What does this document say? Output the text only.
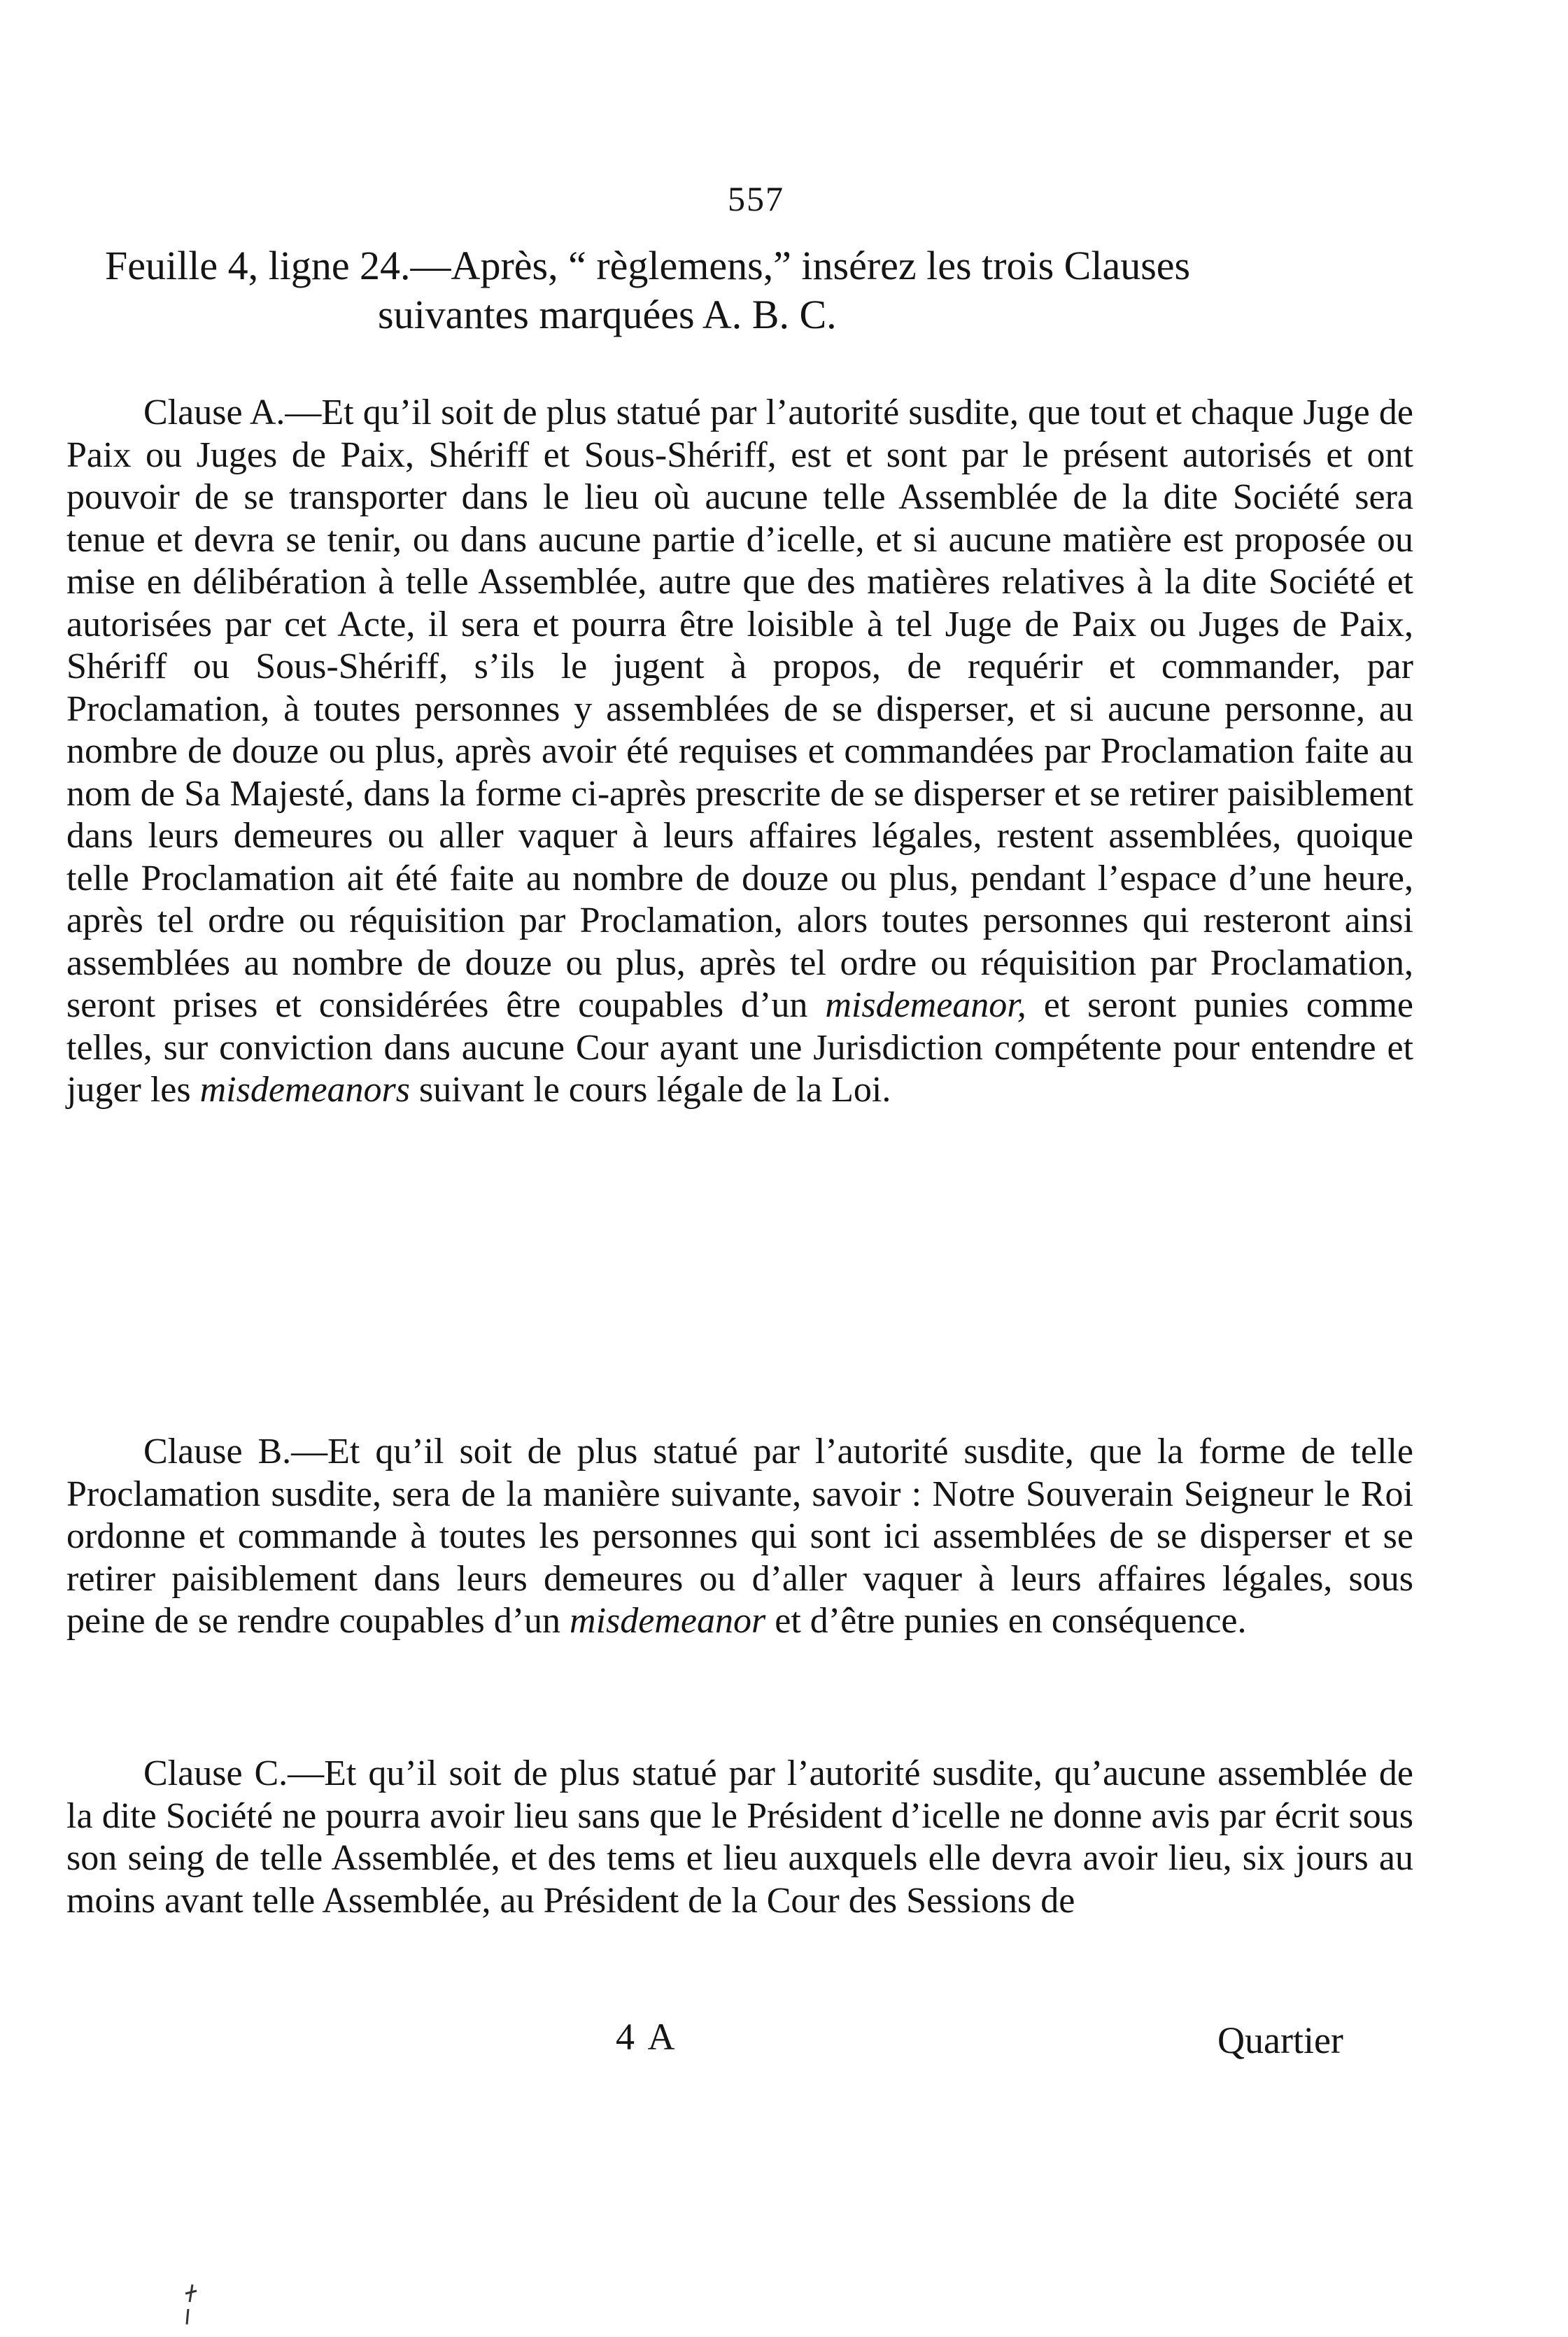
557
Feuille 4, ligne 24.—Après, “ règlemens,” insérez les trois Clauses
suivantes marquées A. B. C.
Clause A.—Et qu’il soit de plus statué par l’autorité susdite, que tout et chaque Juge de Paix ou Juges de Paix, Shériff et Sous-Shériff, est et sont par le présent autorisés et ont pouvoir de se transporter dans le lieu où aucune telle Assemblée de la dite Société sera tenue et devra se tenir, ou dans aucune partie d’icelle, et si aucune matière est proposée ou mise en délibération à telle Assemblée, autre que des matières relatives à la dite Société et autorisées par cet Acte, il sera et pourra être loisible à tel Juge de Paix ou Juges de Paix, Shériff ou Sous-Shériff, s’ils le jugent à propos, de requérir et commander, par Proclamation, à toutes personnes y assemblées de se disperser, et si aucune personne, au nombre de douze ou plus, après avoir été requises et commandées par Proclamation faite au nom de Sa Majesté, dans la forme ci-après prescrite de se disperser et se retirer paisiblement dans leurs demeures ou aller vaquer à leurs affaires légales, restent assemblées, quoique telle Proclamation ait été faite au nombre de douze ou plus, pendant l’espace d’une heure, après tel ordre ou réquisition par Proclamation, alors toutes personnes qui resteront ainsi assemblées au nombre de douze ou plus, après tel ordre ou réquisition par Proclamation, seront prises et considérées être coupables d’un misdemeanor, et seront punies comme telles, sur conviction dans aucune Cour ayant une Jurisdiction compétente pour entendre et juger les misdemeanors suivant le cours légale de la Loi.
Clause B.—Et qu’il soit de plus statué par l’autorité susdite, que la forme de telle Proclamation susdite, sera de la manière suivante, savoir : Notre Souverain Seigneur le Roi ordonne et commande à toutes les personnes qui sont ici assemblées de se disperser et se retirer paisiblement dans leurs demeures ou d’aller vaquer à leurs affaires légales, sous peine de se rendre coupables d’un misdemeanor et d’être punies en conséquence.
Clause C.—Et qu’il soit de plus statué par l’autorité susdite, qu’aucune assemblée de la dite Société ne pourra avoir lieu sans que le Président d’icelle ne donne avis par écrit sous son seing de telle Assemblée, et des tems et lieu auxquels elle devra avoir lieu, six jours au moins avant telle Assemblée, au Président de la Cour des Sessions de
4 A	Quartier
